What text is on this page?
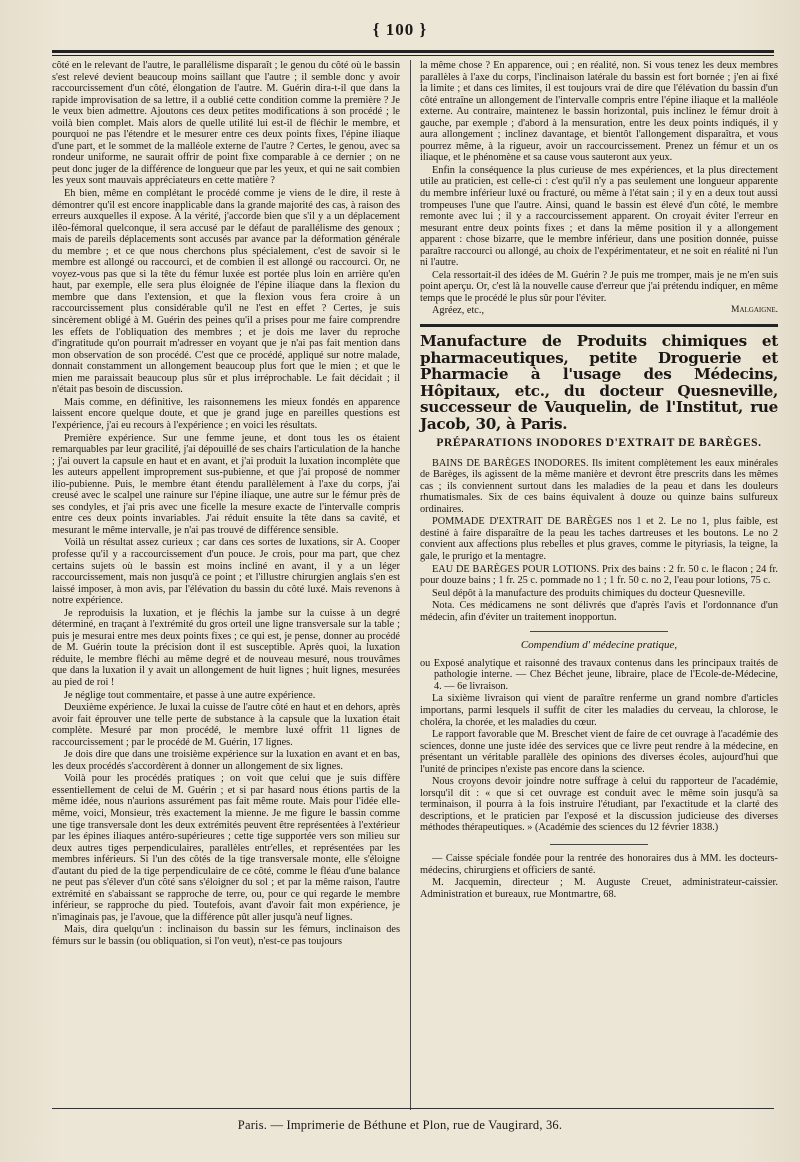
{ 100 }

côté en le relevant de l'autre, le parallélisme disparaît ; le genou du côté où le bassin s'est relevé devient beaucoup moins saillant que l'autre ; il semble donc y avoir raccourcissement d'un côté, élongation de l'autre. M. Guérin dira-t-il que dans la rapide improvisation de sa lettre, il a oublié cette condition comme la première ? Je le veux bien admettre. Ajoutons ces deux petites modifications à son procédé ; le voilà bien complet. Mais alors de quelle utilité lui est-il de fléchir le membre, et pourquoi ne pas l'étendre et le mesurer entre ces deux points fixes, l'épine iliaque d'une part, et le sommet de la malléole externe de l'autre ? Certes, le genou, avec sa rondeur uniforme, ne saurait offrir de point fixe comparable à ce dernier ; on ne peut donc juger de la différence de longueur que par les yeux, et qui ne sait combien les yeux sont mauvais appréciateurs en cette matière ?

Eh bien, même en complétant le procédé comme je viens de le dire, il reste à démontrer qu'il est encore inapplicable dans la grande majorité des cas, à raison des erreurs auxquelles il expose. A la vérité, j'accorde bien que s'il y a un déplacement ilêo-fémoral quelconque, il sera accusé par le défaut de parallélisme des genoux ; mais de pareils déplacements sont accusés par avance par la déformation générale du membre ; et ce que nous cherchons plus spécialement, c'est de savoir si le membre est allongé ou raccourci, et de combien il est allongé ou raccourci. Or, ne voyez-vous pas que si la tête du fémur luxée est portée plus loin en arrière qu'en haut, par exemple, elle sera plus éloignée de l'épine iliaque dans la flexion du membre que dans l'extension, et que la flexion vous fera croire à un raccourcissement plus considérable qu'il ne l'est en effet ? Certes, je suis sincèrement obligé à M. Guérin des peines qu'il a prises pour me faire comprendre les effets de l'obliquation des membres ; et je dois me laver du reproche d'ingratitude qu'on pourrait m'adresser en voyant que je n'ai pas fait mention dans mon observation de son procédé. C'est que ce procédé, appliqué sur notre malade, donnait constamment un allongement beaucoup plus fort que le mien ; et que le mien me paraissait beaucoup plus sûr et plus irréprochable. Le fait décidait ; il n'était pas besoin de discussion.

Mais comme, en définitive, les raisonnemens les mieux fondés en apparence laissent encore quelque doute, et que je grand juge en pareilles questions est l'expérience, j'ai eu recours à l'expérience ; en voici les résultats.

Première expérience. Sur une femme jeune, et dont tous les os étaient remarquables par leur gracilité, j'ai dépouillé de ses chairs l'articulation de la hanche ; j'ai ouvert la capsule en haut et en avant, et j'ai produit la luxation incomplète que les auteurs appellent improprement sus-pubienne, et que j'ai proposé de nommer ilio-pubienne. Puis, le membre étant étendu parallèlement à l'axe du corps, j'ai creusé avec le scalpel une rainure sur l'épine iliaque, une autre sur le fémur près de ses condyles, et j'ai pris avec une ficelle la mesure exacte de l'intervalle compris entre ces deux points invariables. J'ai réduit ensuite la tête dans sa cavité, et mesurant le même intervalle, je n'ai pas trouvé de différence sensible.

Voilà un résultat assez curieux ; car dans ces sortes de luxations, sir A. Cooper professe qu'il y a raccourcissement d'un pouce. Je crois, pour ma part, que chez certains sujets où le bassin est moins incliné en avant, il y a un léger raccourcissement, mais non jusqu'à ce point ; et l'illustre chirurgien anglais s'en est laissé imposer, à mon avis, par l'élévation du bassin du côté luxé. Mais revenons à notre expérience.

Je reproduisis la luxation, et je fléchis la jambe sur la cuisse à un degré déterminé, en traçant à l'extrémité du gros orteil une ligne transversale sur la table ; puis je mesurai entre mes deux points fixes ; ce qui est, je pense, donner au procédé de M. Guérin toute la précision dont il est susceptible. Après quoi, la luxation réduite, le membre fléchi au même degré et de nouveau mesuré, nous trouvâmes que dans la luxation il y avait un allongement de huit lignes ; huit lignes, mesurées au pied de roi !

Je néglige tout commentaire, et passe à une autre expérience.

Deuxième expérience. Je luxai la cuisse de l'autre côté en haut et en dehors, après avoir fait éprouver une telle perte de substance à la capsule que la luxation était complète. Mesuré par mon procédé, le membre luxé offrit 11 lignes de raccourcissement ; par le procédé de M. Guérin, 17 lignes.

Je dois dire que dans une troisième expérience sur la luxation en avant et en bas, les deux procédés s'accordèrent à donner un allongement de six lignes.

Voilà pour les procédés pratiques ; on voit que celui que je suis diffère essentiellement de celui de M. Guérin ; et si par hasard nous étions partis de la même idée, nous n'aurions assurément pas fait même route. Mais pour l'idée elle-même, voici, Monsieur, très exactement la mienne. Je me figure le bassin comme une tige transversale dont les deux extrémités peuvent être représentées à l'extérieur par les épines iliaques antéro-supérieures ; cette tige supportée vers son milieu sur deux autres tiges perpendiculaires, parallèles entr'elles, et représentées par les membres inférieurs. Si l'un des côtés de la tige transversale monte, elle s'éloigne d'autant du pied de la tige perpendiculaire de ce côté, comme le fléau d'une balance ne peut pas s'élever d'un côté sans s'éloigner du sol ; et par la même raison, l'autre extrémité en s'abaissant se rapproche de terre, ou, pour ce qui regarde le membre inférieur, se rapproche du pied. Toutefois, avant d'avoir fait mon expérience, je n'imaginais pas, je l'avoue, que la différence pût aller jusqu'à neuf lignes.

Mais, dira quelqu'un : inclinaison du bassin sur les fémurs, inclinaison des fémurs sur le bassin (ou obliquation, si l'on veut), n'est-ce pas toujours

la même chose ? En apparence, oui ; en réalité, non. Si vous tenez les deux membres parallèles à l'axe du corps, l'inclinaison latérale du bassin est fort bornée ; j'en ai fixé la limite ; et dans ces limites, il est toujours vrai de dire que l'élévation du bassin d'un côté entraîne un allongement de l'intervalle compris entre l'épine iliaque et la malléole externe. Au contraire, maintenez le bassin horizontal, puis inclinez le fémur droit à gauche, par exemple ; d'abord à la mensuration, entre les deux points indiqués, il y aura allongement ; inclinez davantage, et bientôt l'allongement disparaîtra, et vous pourrez même, à la rigueur, avoir un raccourcissement. Prenez un fémur et un os iliaque, et le phénomène et sa cause vous sauteront aux yeux.

Enfin la conséquence la plus curieuse de mes expériences, et la plus directement utile au praticien, est celle-ci : c'est qu'il n'y a pas seulement une longueur apparente du membre inférieur luxé ou fracturé, ou même à l'état sain ; il y en a deux tout aussi trompeuses l'une que l'autre. Ainsi, quand le bassin est élevé d'un côté, le membre remonte avec lui ; il y a raccourcissement apparent. On croyait éviter l'erreur en mesurant entre deux points fixes ; et dans la même position il y a allongement apparent : chose bizarre, que le membre inférieur, dans une position donnée, puisse paraître raccourci ou allongé, au choix de l'expérimentateur, et ne soit en réalité ni l'un ni l'autre.

Cela ressortait-il des idées de M. Guérin ? Je puis me tromper, mais je ne m'en suis point aperçu. Or, c'est là la nouvelle cause d'erreur que j'ai prétendu indiquer, en même temps que le procédé le plus sûr pour l'éviter.

Agréez, etc.,	Malgaigne.
Manufacture de Produits chimiques et pharmaceutiques, petite Droguerie et Pharmacie à l'usage des Médecins, Hôpitaux, etc., du docteur Quesneville, successeur de Vauquelin, de l'Institut, rue Jacob, 30, à Paris.
PRÉPARATIONS INODORES D'EXTRAIT DE BARÈGES.

BAINS DE BARÈGES INODORES. Ils imitent complètement les eaux minérales de Barèges, ils agissent de la même manière et devront être prescrits dans les mêmes cas ; ils conviennent surtout dans les maladies de la peau et dans les douleurs rhumatismales. Six de ces bains équivalent à douze ou quinze bains sulfureux ordinaires.

POMMADE D'EXTRAIT DE BARÈGES nos 1 et 2. Le no 1, plus faible, est destiné à faire disparaître de la peau les taches dartreuses et les boutons. Le no 2 convient aux affections plus rebelles et plus graves, comme le pityriasis, la teigne, la gale, le prurigo et la mentagre.

EAU DE BARÈGES POUR LOTIONS. Prix des bains : 2 fr. 50 c. le flacon ; 24 fr. pour douze bains ; 1 fr. 25 c. pommade no 1 ; 1 fr. 50 c. no 2, l'eau pour lotions, 75 c.

Seul dépôt à la manufacture des produits chimiques du docteur Quesneville.

Nota. Ces médicamens ne sont délivrés que d'après l'avis et l'ordonnance d'un médecin, afin d'éviter un traitement inopportun.

Compendium d' médecine pratique,

ou Exposé analytique et raisonné des travaux contenus dans les principaux traités de pathologie interne. — Chez Béchet jeune, libraire, place de l'Ecole-de-Médecine, 4. — 6e livraison.

La sixième livraison qui vient de paraître renferme un grand nombre d'articles importans, parmi lesquels il suffit de citer les maladies du cerveau, la chlorose, le choléra, la chorée, et les maladies du cœur.

Le rapport favorable que M. Breschet vient de faire de cet ouvrage à l'académie des sciences, donne une juste idée des services que ce livre peut rendre à la médecine, en présentant un véritable parallèle des opinions des diverses écoles, aujourd'hui que l'unité de principes n'existe pas encore dans la science.

Nous croyons devoir joindre notre suffrage à celui du rapporteur de l'académie, lorsqu'il dit : « que si cet ouvrage est conduit avec le même soin jusqu'à sa terminaison, il pourra à la fois instruire l'étudiant, par l'exactitude et la clarté des descriptions, et le praticien par l'exposé et la discussion judicieuse des diverses méthodes thérapeutiques. » (Académie des sciences du 12 février 1838.)

— Caisse spéciale fondée pour la rentrée des honoraires dus à MM. les docteurs-médecins, chirurgiens et officiers de santé.

M. Jacquemin, directeur ; M. Auguste Creuet, administrateur-caissier. Administration et bureaux, rue Montmartre, 68.

Paris. — Imprimerie de Béthune et Plon, rue de Vaugirard, 36.
